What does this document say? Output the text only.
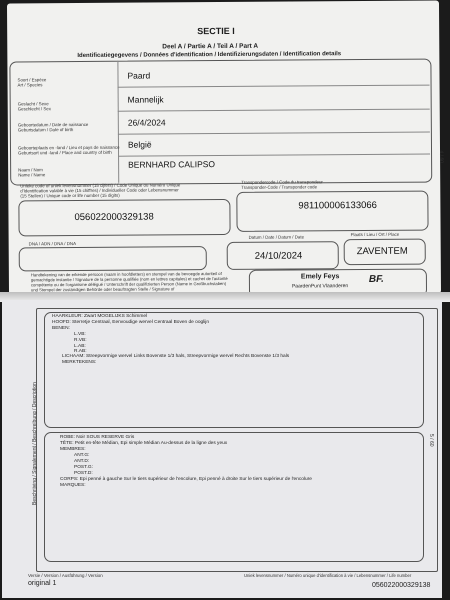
SECTIE I
Deel A / Partie A / Teil A / Part A
Identificatiegegevens / Données d'identification / Identifizierungsdaten / Identification details
Soort / Espèce
Art / Species
Paard
Geslacht / Sexe
Geschlecht / Sex
Mannelijk
Geboortedatum / Date de naissance
Geburtsdatum / Date of birth
26/4/2024
Geboorteplaats en -land / Lieu et pays de naissance
Geburtsort und -land / Place and country of birth
België
Naam / Nom
Name / Name
BERNHARD CALIPSO
4 / 60
Unieke code of uniek levensnummer (15 cijfers) / Code Unique ou Numéro Unique
d'Identification valable à vie (15 chiffres) / Individueller Code oder Lebensnummer
(15 Stellen) / Unique code or life number (15 digits)
056022000329138
Transpondercode / Code du transpondeur
Transponder-Code / Transponder code
981100006133066
DNA / ADN / DNA / DNA
Datum / Date / Datum / Date
24/10/2024
Plaats / Lieu / Ort / Place
ZAVENTEM
Handtekening van de erkende persoon (naam in hoofdletters) en stempel van de bevoegde autoriteit of
gemachtigde instantie / Signature de la personne qualifiée (nom en lettres capitales) et cachet de l'autorité
compétente ou de l'organisme délégué / Unterschrift der qualifizierten Person (Name in Großbuchstaben)
und Stempel der zuständigen Behörde oder beauftragten Stelle / Signature of

Emely Feys
PaardenPunt Vlaanderen
BF.
Beschrijving / Signalement / Beschreibung / Description	5 / 60
HAARKLEUR: Zwart MOGELIJKS Schimmel
HOOFD: Sterretje Centraal, Eenvoudige wervel Centraal Boven de ooglijn
BENEN:
L.VB:
R.VB:
L.AB:
R.AB:
LICHAAM: Streepvormige wervel Links Bovenste 1/3 hals, Streepvormige wervel Rechts Bovenste 1/3 hals
MERKTEKENS:
ROBE: Noir SOUS RESERVE Gris
TÊTE: Petit en-tête Médian, Epi simple Médian Au-dessus de la ligne des yeux
MEMBRES:
ANT.G:
ANT.D:
POST.G:
POST.D:
CORPS: Epi penné à gauche Sur le tiers supérieur de l'encolure, Epi penné à droite Sur le tiers supérieur de l'encolure
MARQUES:
Versie / Version / Ausführung / Version
original 1
Uniek levensnummer / Numéro unique d'identification à vie / Lebensnummer / Life number
056022000329138
